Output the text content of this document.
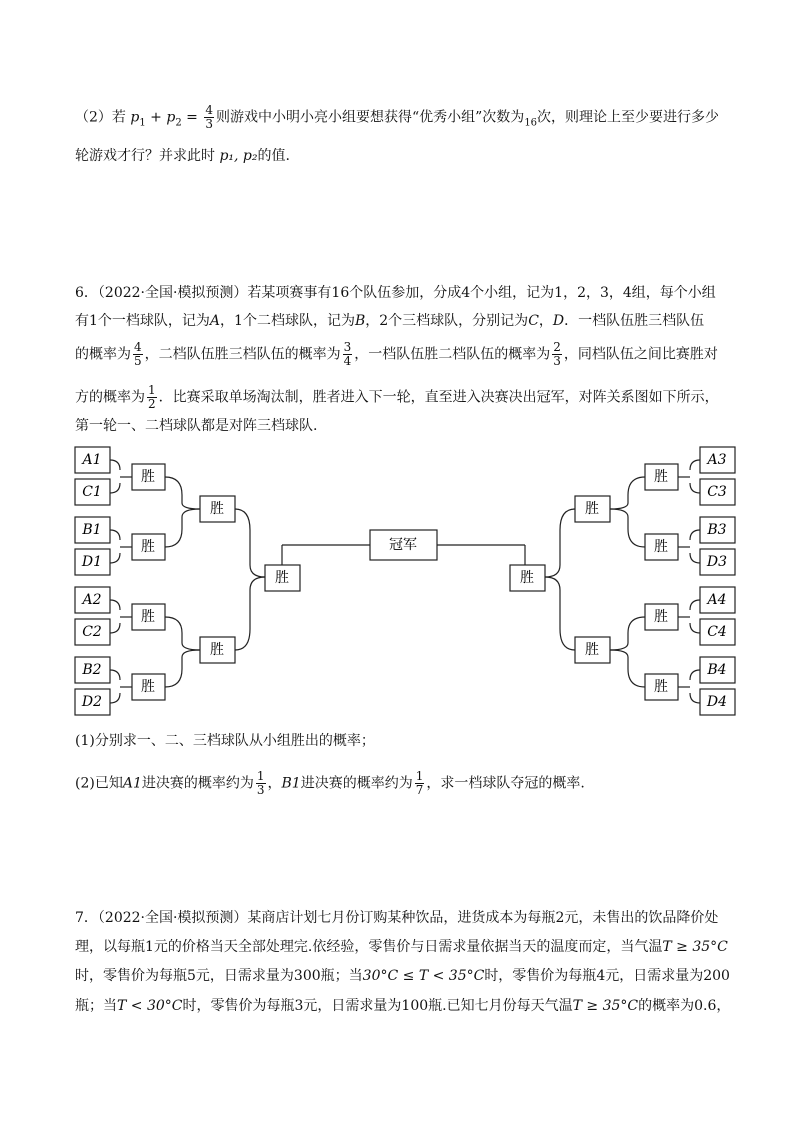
（2）若 $p_1 + p_2 = \frac{4}{3}$ 则游戏中小明小亮小组要想获得“优秀小组”次数为$_{16}$次，则理论上至少要进行多少
轮游戏才行？并求此时 p₁, p₂的值.
6．（2022·全国·模拟预测）若某项赛事有16个队伍参加，分成4个小组，记为1，2，3，4组，每个小组
有1个一档球队，记为A，1个二档球队，记为B，2个三档球队，分别记为C，D．一档队伍胜三档队伍
的概率为 $\frac{4}{5}$ ，二档队伍胜三档队伍的概率为 $\frac{3}{4}$ ，一档队伍胜二档队伍的概率为 $\frac{2}{3}$ ，同档队伍之间比赛胜对
方的概率为 $\frac{1}{2}$ ．比赛采取单场淘汰制，胜者进入下一轮，直至进入决赛决出冠军，对阵关系图如下所示，
第一轮一、二档球队都是对阵三档球队.
A1
C1
B1
D1
A2
C2
B2
D2
A3
C3
B3
D3
A4
C4
B4
D4
胜
胜
胜
胜
胜
胜
胜
胜
胜
胜
胜
胜
胜
胜
冠军
(1)分别求一、二、三档球队从小组胜出的概率；
(2)已知A1进决赛的概率约为 $\frac{1}{3}$ ，B1进决赛的概率约为 $\frac{1}{7}$ ，求一档球队夺冠的概率.
7．（2022·全国·模拟预测）某商店计划七月份订购某种饮品，进货成本为每瓶2元，未售出的饮品降价处
理，以每瓶1元的价格当天全部处理完.依经验，零售价与日需求量依据当天的温度而定，当气温T ≥ 35°C
时，零售价为每瓶5元，日需求量为300瓶；当30°C ≤ T < 35°C时，零售价为每瓶4元，日需求量为200
瓶；当T < 30°C时，零售价为每瓶3元，日需求量为100瓶.已知七月份每天气温T ≥ 35°C的概率为0.6，
